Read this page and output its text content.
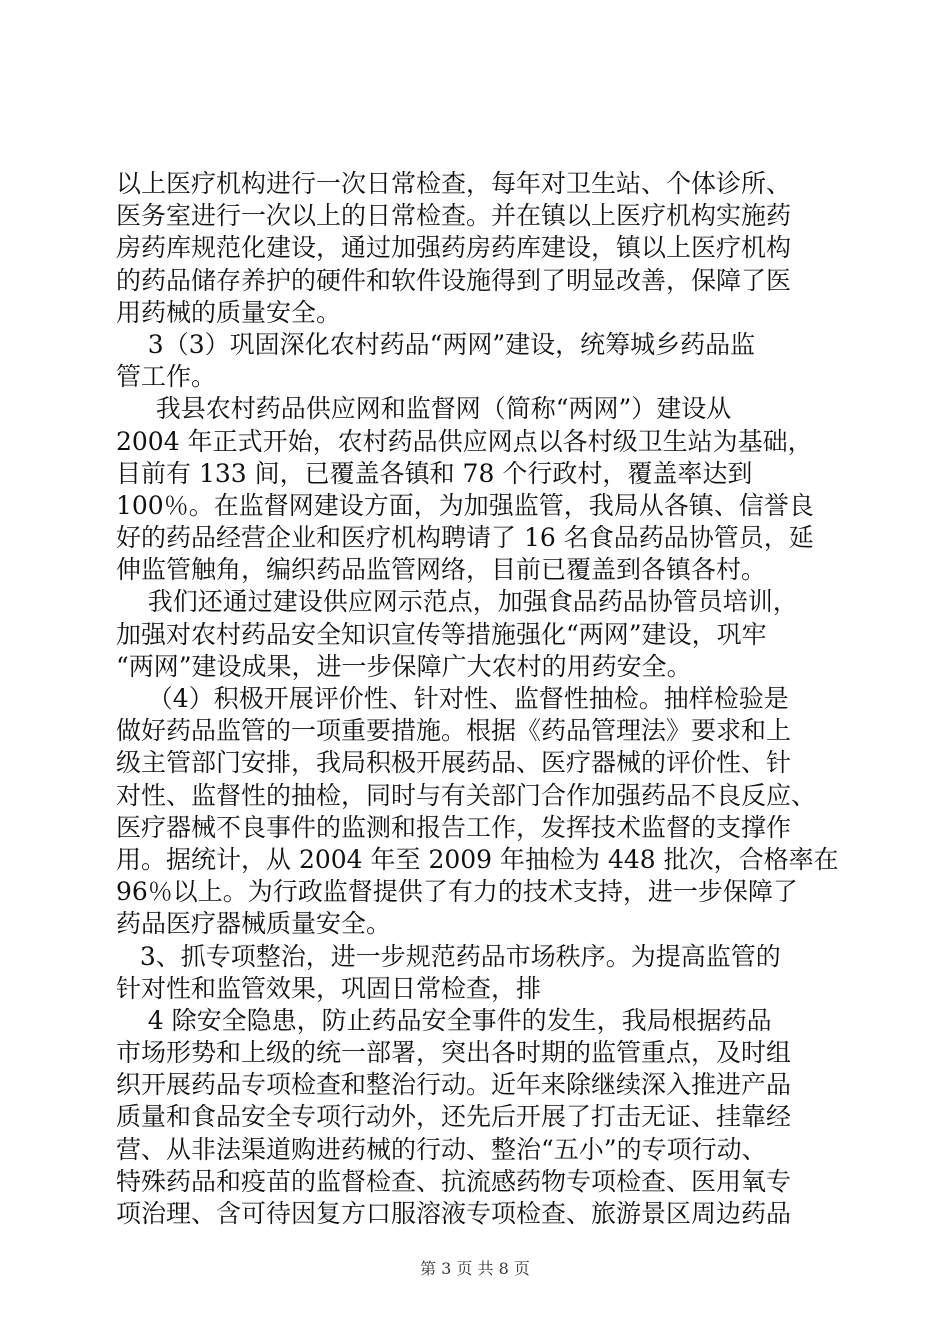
以上医疗机构进行一次日常检查，每年对卫生站、个体诊所、
医务室进行一次以上的日常检查。并在镇以上医疗机构实施药
房药库规范化建设，通过加强药房药库建设，镇以上医疗机构
的药品储存养护的硬件和软件设施得到了明显改善，保障了医
用药械的质量安全。
3（3）巩固深化农村药品“两网”建设，统筹城乡药品监
管工作。
我县农村药品供应网和监督网（简称“两网”）建设从
2004 年正式开始，农村药品供应网点以各村级卫生站为基础，
目前有 133 间，已覆盖各镇和 78 个行政村，覆盖率达到
100％。在监督网建设方面，为加强监管，我局从各镇、信誉良
好的药品经营企业和医疗机构聘请了 16 名食品药品协管员，延
伸监管触角，编织药品监管网络，目前已覆盖到各镇各村。
我们还通过建设供应网示范点，加强食品药品协管员培训，
加强对农村药品安全知识宣传等措施强化“两网”建设，巩牢
“两网”建设成果，进一步保障广大农村的用药安全。
（4）积极开展评价性、针对性、监督性抽检。抽样检验是
做好药品监管的一项重要措施。根据《药品管理法》要求和上
级主管部门安排，我局积极开展药品、医疗器械的评价性、针
对性、监督性的抽检，同时与有关部门合作加强药品不良反应、
医疗器械不良事件的监测和报告工作，发挥技术监督的支撑作
用。据统计，从 2004 年至 2009 年抽检为 448 批次，合格率在
96％以上。为行政监督提供了有力的技术支持，进一步保障了
药品医疗器械质量安全。
3、抓专项整治，进一步规范药品市场秩序。为提高监管的
针对性和监管效果，巩固日常检查，排
4 除安全隐患，防止药品安全事件的发生，我局根据药品
市场形势和上级的统一部署，突出各时期的监管重点，及时组
织开展药品专项检查和整治行动。近年来除继续深入推进产品
质量和食品安全专项行动外，还先后开展了打击无证、挂靠经
营、从非法渠道购进药械的行动、整治“五小”的专项行动、
特殊药品和疫苗的监督检查、抗流感药物专项检查、医用氧专
项治理、含可待因复方口服溶液专项检查、旅游景区周边药品
第 3 页 共 8 页
